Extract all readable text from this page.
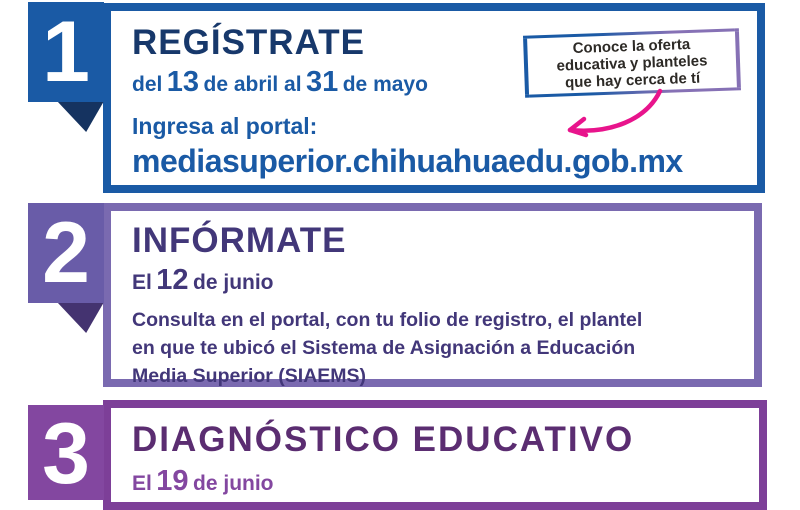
1 REGÍSTRATE
del 13 de abril al 31 de mayo
Ingresa al portal:
mediasuperior.chihuahuaedu.gob.mx
Conoce la oferta
educativa y planteles
que hay cerca de tí
2 INFÓRMATE
El 12 de junio
Consulta en el portal, con tu folio de registro, el plantel
en que te ubicó el Sistema de Asignación a Educación
Media Superior (SIAEMS)
3 DIAGNÓSTICO EDUCATIVO
El 19 de junio
